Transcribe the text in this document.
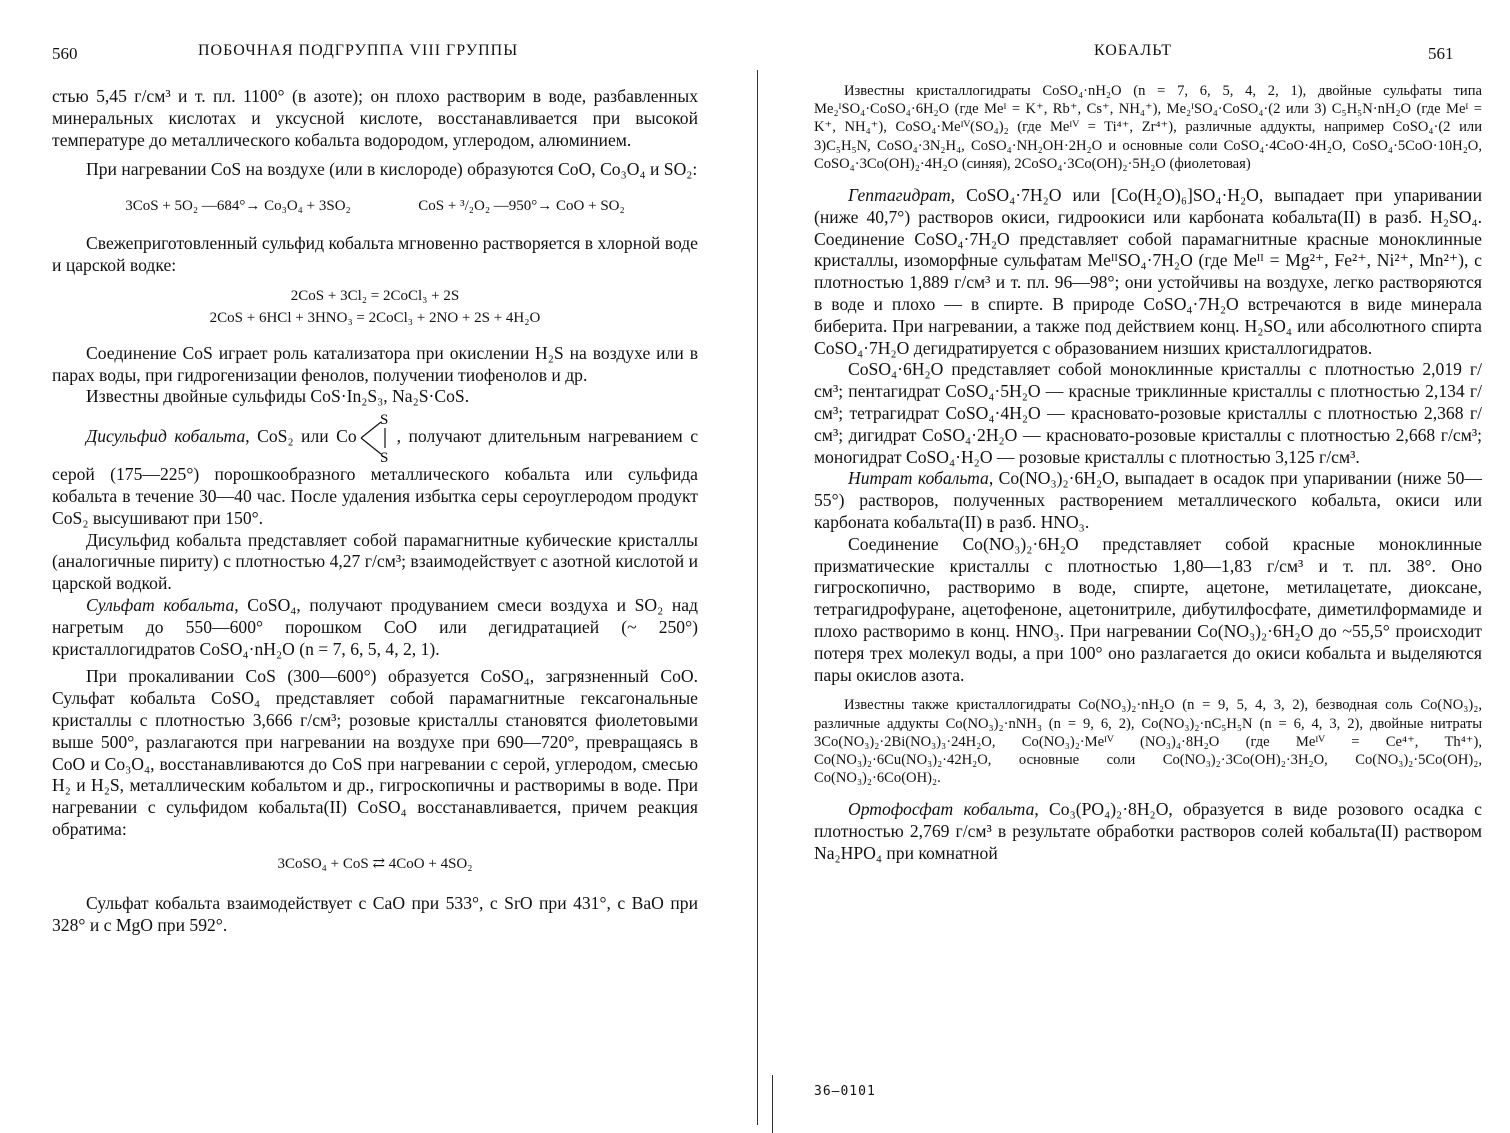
560	ПОБОЧНАЯ ПОДГРУППА VIII ГРУППЫ

стью 5,45 г/см³ и т. пл. 1100° (в азоте); он плохо растворим в воде, разбавленных минеральных кислотах и уксусной кислоте, восстанавливается при высокой температуре до металлического кобальта водородом, углеродом, алюминием.

При нагревании CoS на воздухе (или в кислороде) образуются CoO, Co₃O₄ и SO₂:

3CoS + 5O₂ —684°→ Co₃O₄ + 3SO₂	CoS + ³/₂O₂ —950°→ CoO + SO₂

Свежеприготовленный сульфид кобальта мгновенно растворяется в хлорной воде и царской водке:

2CoS + 3Cl₂ = 2CoCl₃ + 2S
2CoS + 6HCl + 3HNO₃ = 2CoCl₃ + 2NO + 2S + 4H₂O

Соединение CoS играет роль катализатора при окислении H₂S на воздухе или в парах воды, при гидрогенизации фенолов, получении тиофенолов и др.

Известны двойные сульфиды CoS·In₂S₃, Na₂S·CoS.

Дисульфид кобальта, CoS₂ или Co
S
S
, получают длительным нагреванием с серой (175—225°) порошкообразного металлического кобальта или сульфида кобальта в течение 30—40 час. После удаления избытка серы сероуглеродом продукт CoS₂ высушивают при 150°.

Дисульфид кобальта представляет собой парамагнитные кубические кристаллы (аналогичные пириту) с плотностью 4,27 г/см³; взаимодействует с азотной кислотой и царской водкой.

Сульфат кобальта, CoSO₄, получают продуванием смеси воздуха и SO₂ над нагретым до 550—600° порошком CoO или дегидратацией (~ 250°) кристаллогидратов CoSO₄·nH₂O (n = 7, 6, 5, 4, 2, 1).

При прокаливании CoS (300—600°) образуется CoSO₄, загрязненный CoO. Сульфат кобальта CoSO₄ представляет собой парамагнитные гексагональные кристаллы с плотностью 3,666 г/см³; розовые кристаллы становятся фиолетовыми выше 500°, разлагаются при нагревании на воздухе при 690—720°, превращаясь в CoO и Co₃O₄, восстанавливаются до CoS при нагревании с серой, углеродом, смесью H₂ и H₂S, металлическим кобальтом и др., гигроскопичны и растворимы в воде. При нагревании с сульфидом кобальта(II) CoSO₄ восстанавливается, причем реакция обратима:

3CoSO₄ + CoS ⇄ 4CoO + 4SO₂

Сульфат кобальта взаимодействует с CaO при 533°, с SrO при 431°, с BaO при 328° и с MgO при 592°.

КОБАЛЬТ	561

Известны кристаллогидраты CoSO₄·nH₂O (n = 7, 6, 5, 4, 2, 1), двойные сульфаты типа Me₂ᴵSO₄·CoSO₄·6H₂O (где Meᴵ = K⁺, Rb⁺, Cs⁺, NH₄⁺), Me₂ᴵSO₄·CoSO₄·(2 или 3) C₅H₅N·nH₂O (где Meᴵ = K⁺, NH₄⁺), CoSO₄·Meᴵⱽ(SO₄)₂ (где Meᴵⱽ = Ti⁴⁺, Zr⁴⁺), различные аддукты, например CoSO₄·(2 или 3)C₅H₅N, CoSO₄·3N₂H₄, CoSO₄·NH₂OH·2H₂O и основные соли CoSO₄·4CoO·4H₂O, CoSO₄·5CoO·10H₂O, CoSO₄·3Co(OH)₂·4H₂O (синяя), 2CoSO₄·3Co(OH)₂·5H₂O (фиолетовая)

Гептагидрат, CoSO₄·7H₂O или [Co(H₂O)₆]SO₄·H₂O, выпадает при упаривании (ниже 40,7°) растворов окиси, гидроокиси или карбоната кобальта(II) в разб. H₂SO₄. Соединение CoSO₄·7H₂O представляет собой парамагнитные красные моноклинные кристаллы, изоморфные сульфатам MeᴵᴵSO₄·7H₂O (где Meᴵᴵ = Mg²⁺, Fe²⁺, Ni²⁺, Mn²⁺), с плотностью 1,889 г/см³ и т. пл. 96—98°; они устойчивы на воздухе, легко растворяются в воде и плохо — в спирте. В природе CoSO₄·7H₂O встречаются в виде минерала биберита. При нагревании, а также под действием конц. H₂SO₄ или абсолютного спирта CoSO₄·7H₂O дегидратируется с образованием низших кристаллогидратов.

CoSO₄·6H₂O представляет собой моноклинные кристаллы с плотностью 2,019 г/см³; пентагидрат CoSO₄·5H₂O — красные триклинные кристаллы с плотностью 2,134 г/см³; тетрагидрат CoSO₄·4H₂O — красновато-розовые кристаллы с плотностью 2,368 г/см³; дигидрат CoSO₄·2H₂O — красновато-розовые кристаллы с плотностью 2,668 г/см³; моногидрат CoSO₄·H₂O — розовые кристаллы с плотностью 3,125 г/см³.

Нитрат кобальта, Co(NO₃)₂·6H₂O, выпадает в осадок при упаривании (ниже 50—55°) растворов, полученных растворением металлического кобальта, окиси или карбоната кобальта(II) в разб. HNO₃.

Соединение Co(NO₃)₂·6H₂O представляет собой красные моноклинные призматические кристаллы с плотностью 1,80—1,83 г/см³ и т. пл. 38°. Оно гигроскопично, растворимо в воде, спирте, ацетоне, метилацетате, диоксане, тетрагидрофуране, ацетофеноне, ацетонитриле, дибутилфосфате, диметилформамиде и плохо растворимо в конц. HNO₃. При нагревании Co(NO₃)₂·6H₂O до ~55,5° происходит потеря трех молекул воды, а при 100° оно разлагается до окиси кобальта и выделяются пары окислов азота.

Известны также кристаллогидраты Co(NO₃)₂·nH₂O (n = 9, 5, 4, 3, 2), безводная соль Co(NO₃)₂, различные аддукты Co(NO₃)₂·nNH₃ (n = 9, 6, 2), Co(NO₃)₂·nC₅H₅N (n = 6, 4, 3, 2), двойные нитраты 3Co(NO₃)₂·2Bi(NO₃)₃·24H₂O, Co(NO₃)₂·Meᴵⱽ (NO₃)₄·8H₂O (где Meᴵⱽ = Ce⁴⁺, Th⁴⁺), Co(NO₃)₂·6Cu(NO₃)₂·42H₂O, основные соли Co(NO₃)₂·3Co(OH)₂·3H₂O, Co(NO₃)₂·5Co(OH)₂, Co(NO₃)₂·6Co(OH)₂.

Ортофосфат кобальта, Co₃(PO₄)₂·8H₂O, образуется в виде розового осадка с плотностью 2,769 г/см³ в результате обработки растворов солей кобальта(II) раствором Na₂HPO₄ при комнатной

36—0101
